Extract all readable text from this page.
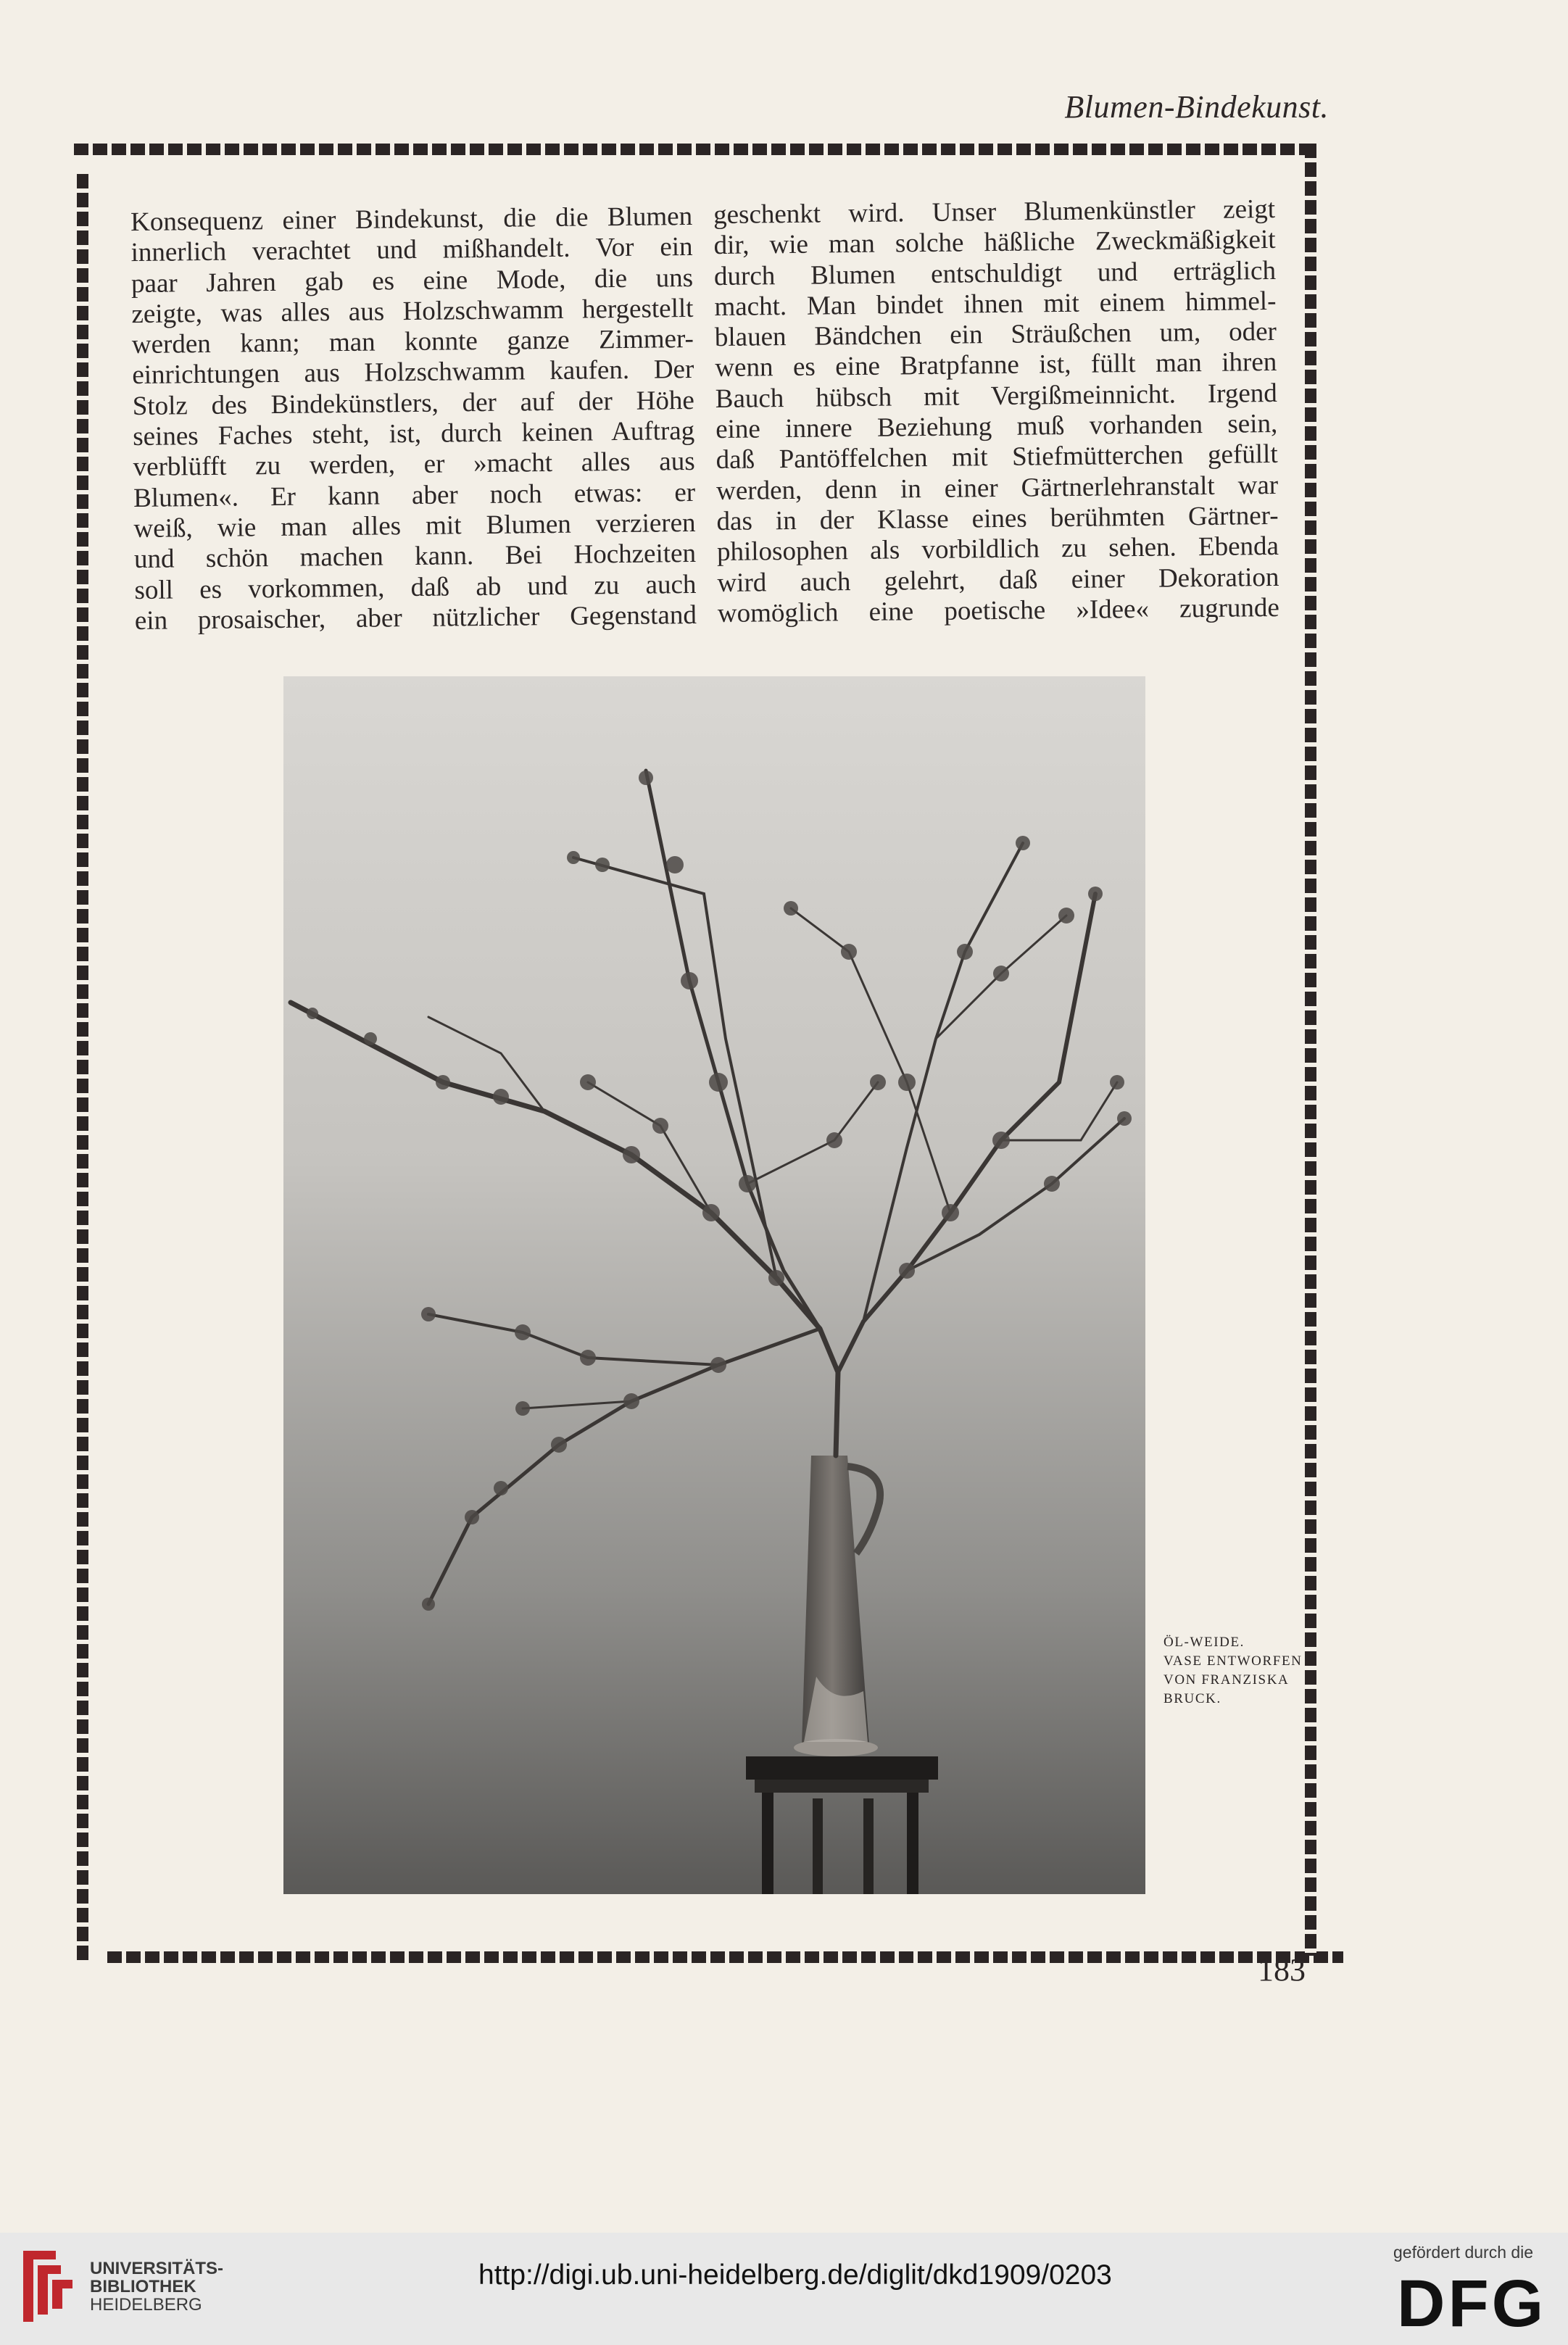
Blumen-Bindekunst.
Konsequenz einer Bindekunst, die die Blumen
innerlich verachtet und mißhandelt. Vor ein
paar Jahren gab es eine Mode, die uns
zeigte, was alles aus Holzschwamm hergestellt
werden kann; man konnte ganze Zimmer-
einrichtungen aus Holzschwamm kaufen. Der
Stolz des Bindekünstlers, der auf der Höhe
seines Faches steht, ist, durch keinen Auftrag
verblüfft zu werden, er »macht alles aus
Blumen«. Er kann aber noch etwas: er
weiß, wie man alles mit Blumen verzieren
und schön machen kann. Bei Hochzeiten
soll es vorkommen, daß ab und zu auch
ein prosaischer, aber nützlicher Gegenstand
geschenkt wird. Unser Blumenkünstler zeigt
dir, wie man solche häßliche Zweckmäßigkeit
durch Blumen entschuldigt und erträglich
macht. Man bindet ihnen mit einem himmel-
blauen Bändchen ein Sträußchen um, oder
wenn es eine Bratpfanne ist, füllt man ihren
Bauch hübsch mit Vergißmeinnicht. Irgend
eine innere Beziehung muß vorhanden sein,
daß Pantöffelchen mit Stiefmütterchen gefüllt
werden, denn in einer Gärtnerlehranstalt war
das in der Klasse eines berühmten Gärtner-
philosophen als vorbildlich zu sehen. Ebenda
wird auch gelehrt, daß einer Dekoration
womöglich eine poetische »Idee« zugrunde
ÖL-WEIDE.
VASE ENTWORFEN
VON FRANZISKA
BRUCK.
183
UNIVERSITÄTS-
BIBLIOTHEK
HEIDELBERG
http://digi.ub.uni-heidelberg.de/diglit/dkd1909/0203
gefördert durch die
DFG
